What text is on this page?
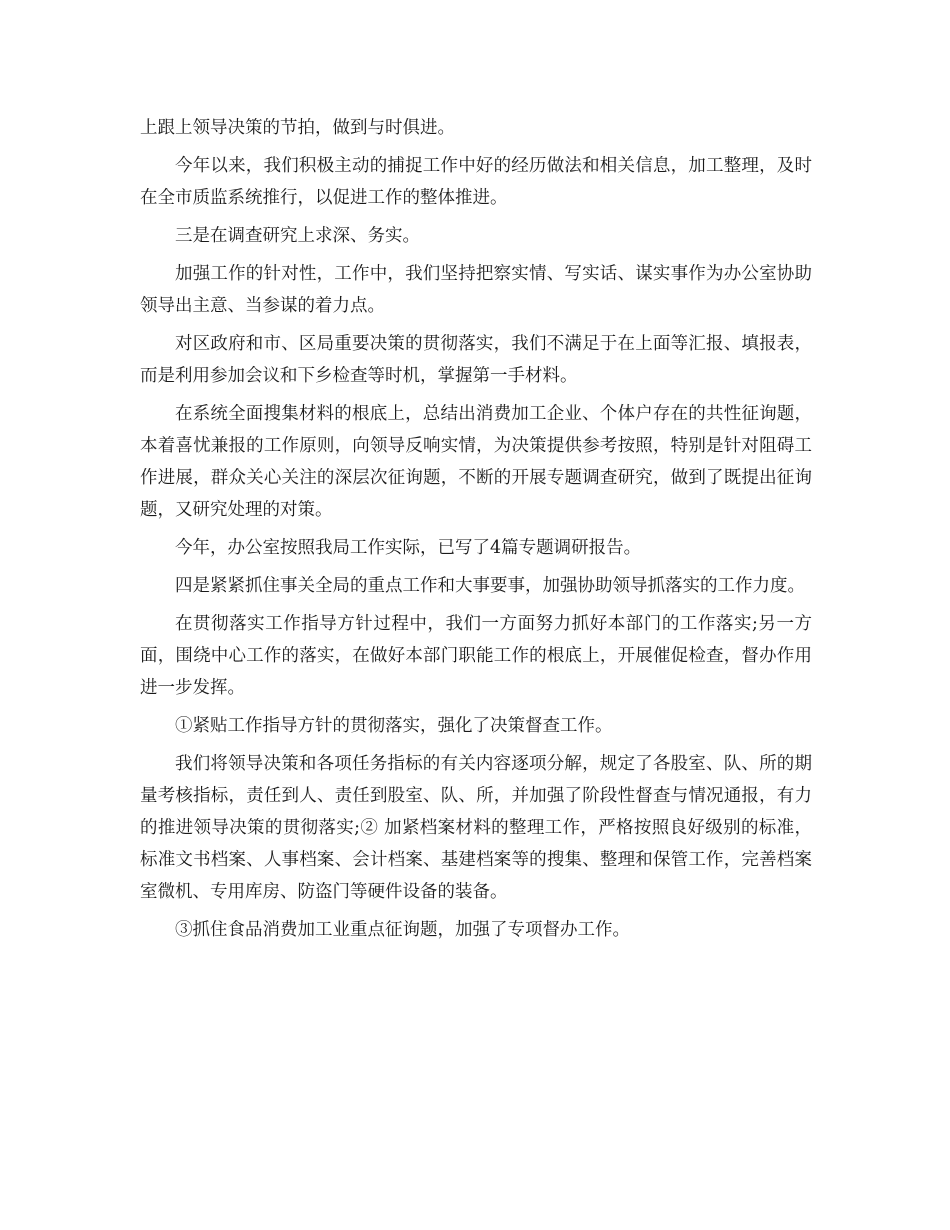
上跟上领导决策的节拍，做到与时俱进。

今年以来，我们积极主动的捕捉工作中好的经历做法和相关信息，加工整理，及时在全市质监系统推行，以促进工作的整体推进。

三是在调查研究上求深、务实。

加强工作的针对性，工作中，我们坚持把察实情、写实话、谋实事作为办公室协助领导出主意、当参谋的着力点。

对区政府和市、区局重要决策的贯彻落实，我们不满足于在上面等汇报、填报表，而是利用参加会议和下乡检查等时机，掌握第一手材料。

在系统全面搜集材料的根底上，总结出消费加工企业、个体户存在的共性征询题，本着喜忧兼报的工作原则，向领导反响实情，为决策提供参考按照，特别是针对阻碍工作进展，群众关心关注的深层次征询题，不断的开展专题调查研究，做到了既提出征询题，又研究处理的对策。

今年，办公室按照我局工作实际，已写了4篇专题调研报告。

四是紧紧抓住事关全局的重点工作和大事要事，加强协助领导抓落实的工作力度。

在贯彻落实工作指导方针过程中，我们一方面努力抓好本部门的工作落实;另一方面，围绕中心工作的落实，在做好本部门职能工作的根底上，开展催促检查，督办作用进一步发挥。

①紧贴工作指导方针的贯彻落实，强化了决策督查工作。

我们将领导决策和各项任务指标的有关内容逐项分解，规定了各股室、队、所的期量考核指标，责任到人、责任到股室、队、所，并加强了阶段性督查与情况通报，有力的推进领导决策的贯彻落实;② 加紧档案材料的整理工作，严格按照良好级别的标准，标准文书档案、人事档案、会计档案、基建档案等的搜集、整理和保管工作，完善档案室微机、专用库房、防盗门等硬件设备的装备。

③抓住食品消费加工业重点征询题，加强了专项督办工作。
